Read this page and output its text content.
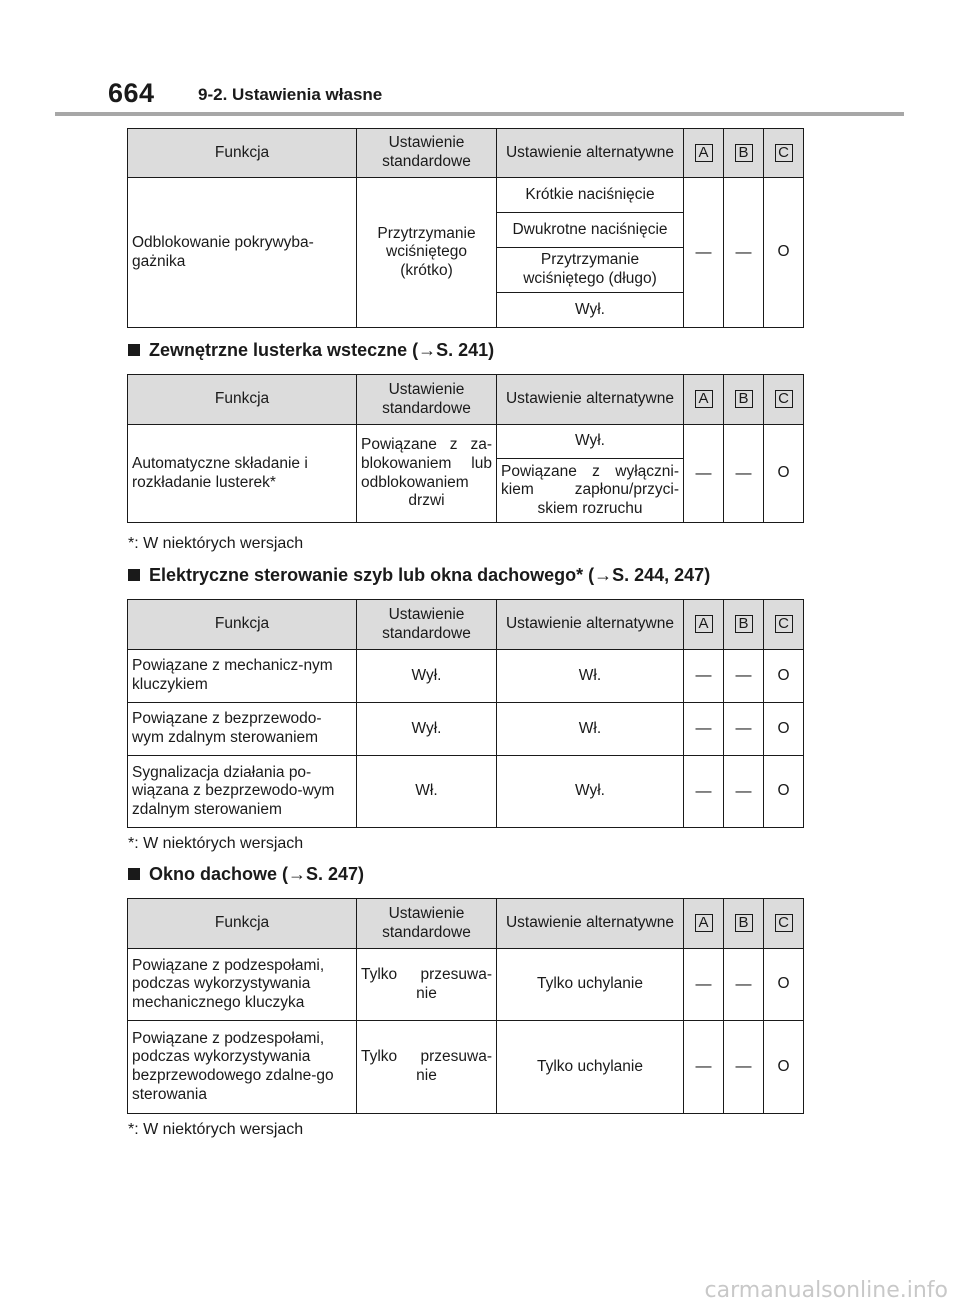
664	9-2. Ustawienia własne
Funkcja	Ustawienie standardowe	Ustawienie alternatywne	A	B	C
Odblokowanie pokrywyba-gażnika	Przytrzymanie wciśniętego (krótko)	Krótkie naciśnięcie	—	—	O
		Dwukrotne naciśnięcie			
		Przytrzymanie wciśniętego (długo)			
		Wył.			
Zewnętrzne lusterka wsteczne (→S. 241)
Funkcja	Ustawienie standardowe	Ustawienie alternatywne	A	B	C
Automatyczne składanie i rozkładanie lusterek*	Powiązane z za-blokowaniem lub odblokowaniem drzwi	Wył.	—	—	O
		Powiązane z wyłączni-kiem zapłonu/przyci-skiem rozruchu			
*: W niektórych wersjach
Elektryczne sterowanie szyb lub okna dachowego* (→S. 244, 247)
Funkcja	Ustawienie standardowe	Ustawienie alternatywne	A	B	C
Powiązane z mechanicz-nym kluczykiem	Wył.	Wł.	—	—	O
Powiązane z bezprzewodo-wym zdalnym sterowaniem	Wył.	Wł.	—	—	O
Sygnalizacja działania po-wiązana z bezprzewodo-wym zdalnym sterowaniem	Wł.	Wył.	—	—	O
*: W niektórych wersjach
Okno dachowe (→S. 247)
Funkcja	Ustawienie standardowe	Ustawienie alternatywne	A	B	C
Powiązane z podzespołami, podczas wykorzystywania mechanicznego kluczyka	Tylko przesuwa-nie	Tylko uchylanie	—	—	O
Powiązane z podzespołami, podczas wykorzystywania bezprzewodowego zdalne-go sterowania	Tylko przesuwa-nie	Tylko uchylanie	—	—	O
*: W niektórych wersjach
carmanualsonline.info
